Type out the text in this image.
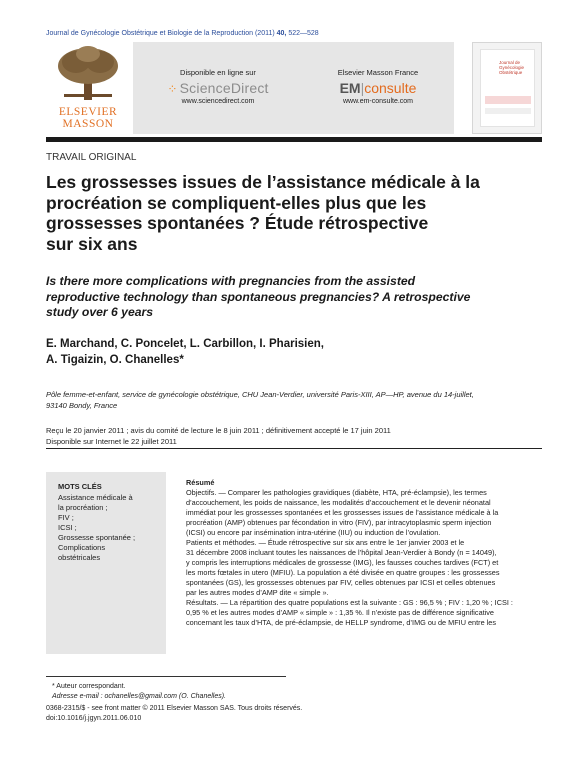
Journal de Gynécologie Obstétrique et Biologie de la Reproduction (2011) 40, 522—528
ELSEVIER MASSON
Disponible en ligne sur
⁘ ScienceDirect
www.sciencedirect.com
Elsevier Masson France
EM|consulte
www.em-consulte.com
Journal de Gynécologie Obstétrique
TRAVAIL ORIGINAL
Les grossesses issues de l’assistance médicale à la
procréation se compliquent-elles plus que les
grossesses spontanées ? Étude rétrospective
sur six ans
Is there more complications with pregnancies from the assisted
reproductive technology than spontaneous pregnancies? A retrospective
study over 6 years
E. Marchand, C. Poncelet, L. Carbillon, I. Pharisien,
A. Tigaizin, O. Chanelles*
Pôle femme-et-enfant, service de gynécologie obstétrique, CHU Jean-Verdier, université Paris-XIII, AP—HP, avenue du 14-juillet,
93140 Bondy, France
Reçu le 20 janvier 2011 ; avis du comité de lecture le 8 juin 2011 ; définitivement accepté le 17 juin 2011
Disponible sur Internet le 22 juillet 2011
MOTS CLÉS
Assistance médicale à
la procréation ;
FIV ;
ICSI ;
Grossesse spontanée ;
Complications
obstétricales
Résumé
Objectifs. — Comparer les pathologies gravidiques (diabète, HTA, pré-éclampsie), les termes
d’accouchement, les poids de naissance, les modalités d’accouchement et le devenir néonatal
immédiat pour les grossesses spontanées et les grossesses issues de l’assistance médicale à la
procréation (AMP) obtenues par fécondation in vitro (FIV), par intracytoplasmic sperm injection
(ICSI) ou encore par insémination intra-utérine (IIU) ou induction de l’ovulation.
Patients et méthodes. — Étude rétrospective sur six ans entre le 1er janvier 2003 et le
31 décembre 2008 incluant toutes les naissances de l’hôpital Jean-Verdier à Bondy (n = 14049),
y compris les interruptions médicales de grossesse (IMG), les fausses couches tardives (FCT) et
les morts fœtales in utero (MFIU). La population a été divisée en quatre groupes : les grossesses
spontanées (GS), les grossesses obtenues par FIV, celles obtenues par ICSI et celles obtenues
par les autres modes d’AMP dite « simple ».
Résultats. — La répartition des quatre populations est la suivante : GS : 96,5 % ; FIV : 1,20 % ; ICSI :
0,95 % et les autres modes d’AMP « simple » : 1,35 %. Il n’existe pas de différence significative
concernant les taux d’HTA, de pré-éclampsie, de HELLP syndrome, d’IMG ou de MFIU entre les
* Auteur correspondant.
Adresse e-mail : ochanelles@gmail.com (O. Chanelles).
0368-2315/$ - see front matter © 2011 Elsevier Masson SAS. Tous droits réservés.
doi:10.1016/j.jgyn.2011.06.010
